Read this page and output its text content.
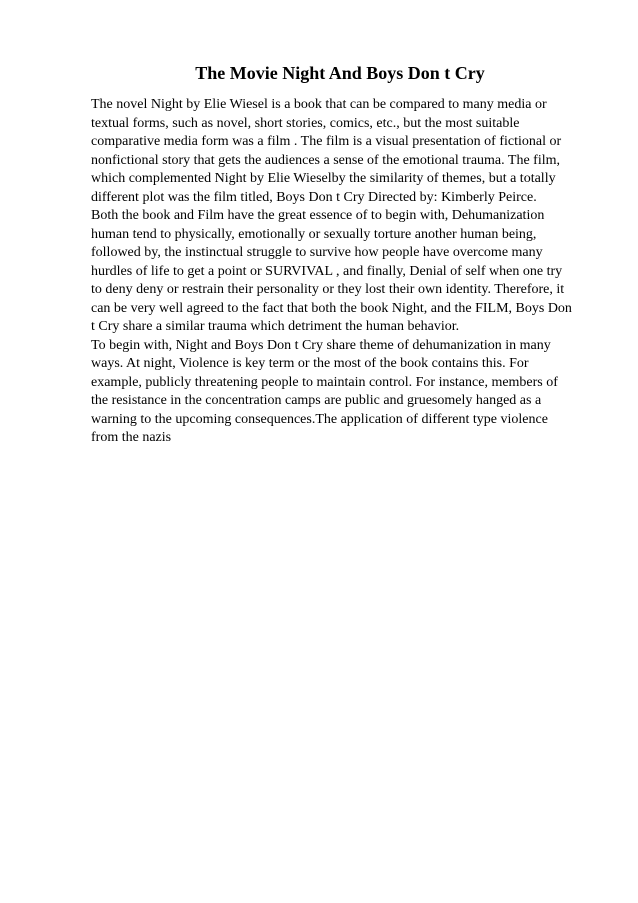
The Movie Night And Boys Don t Cry
The novel Night by Elie Wiesel is a book that can be compared to many media or
textual forms, such as novel, short stories, comics, etc., but the most suitable
comparative media form was a film . The film is a visual presentation of fictional or
nonfictional story that gets the audiences a sense of the emotional trauma. The film,
which complemented Night by Elie Wieselby the similarity of themes, but a totally
different plot was the film titled, Boys Don t Cry Directed by: Kimberly Peirce.
Both the book and Film have the great essence of to begin with, Dehumanization
human tend to physically, emotionally or sexually torture another human being,
followed by, the instinctual struggle to survive how people have overcome many
hurdles of life to get a point or SURVIVAL , and finally, Denial of self when one try
to deny deny or restrain their personality or they lost their own identity. Therefore, it
can be very well agreed to the fact that both the book Night, and the FILM, Boys Don
t Cry share a similar trauma which detriment the human behavior.
To begin with, Night and Boys Don t Cry share theme of dehumanization in many
ways. At night, Violence is key term or the most of the book contains this. For
example, publicly threatening people to maintain control. For instance, members of
the resistance in the concentration camps are public and gruesomely hanged as a
warning to the upcoming consequences.The application of different type violence
from the nazis
